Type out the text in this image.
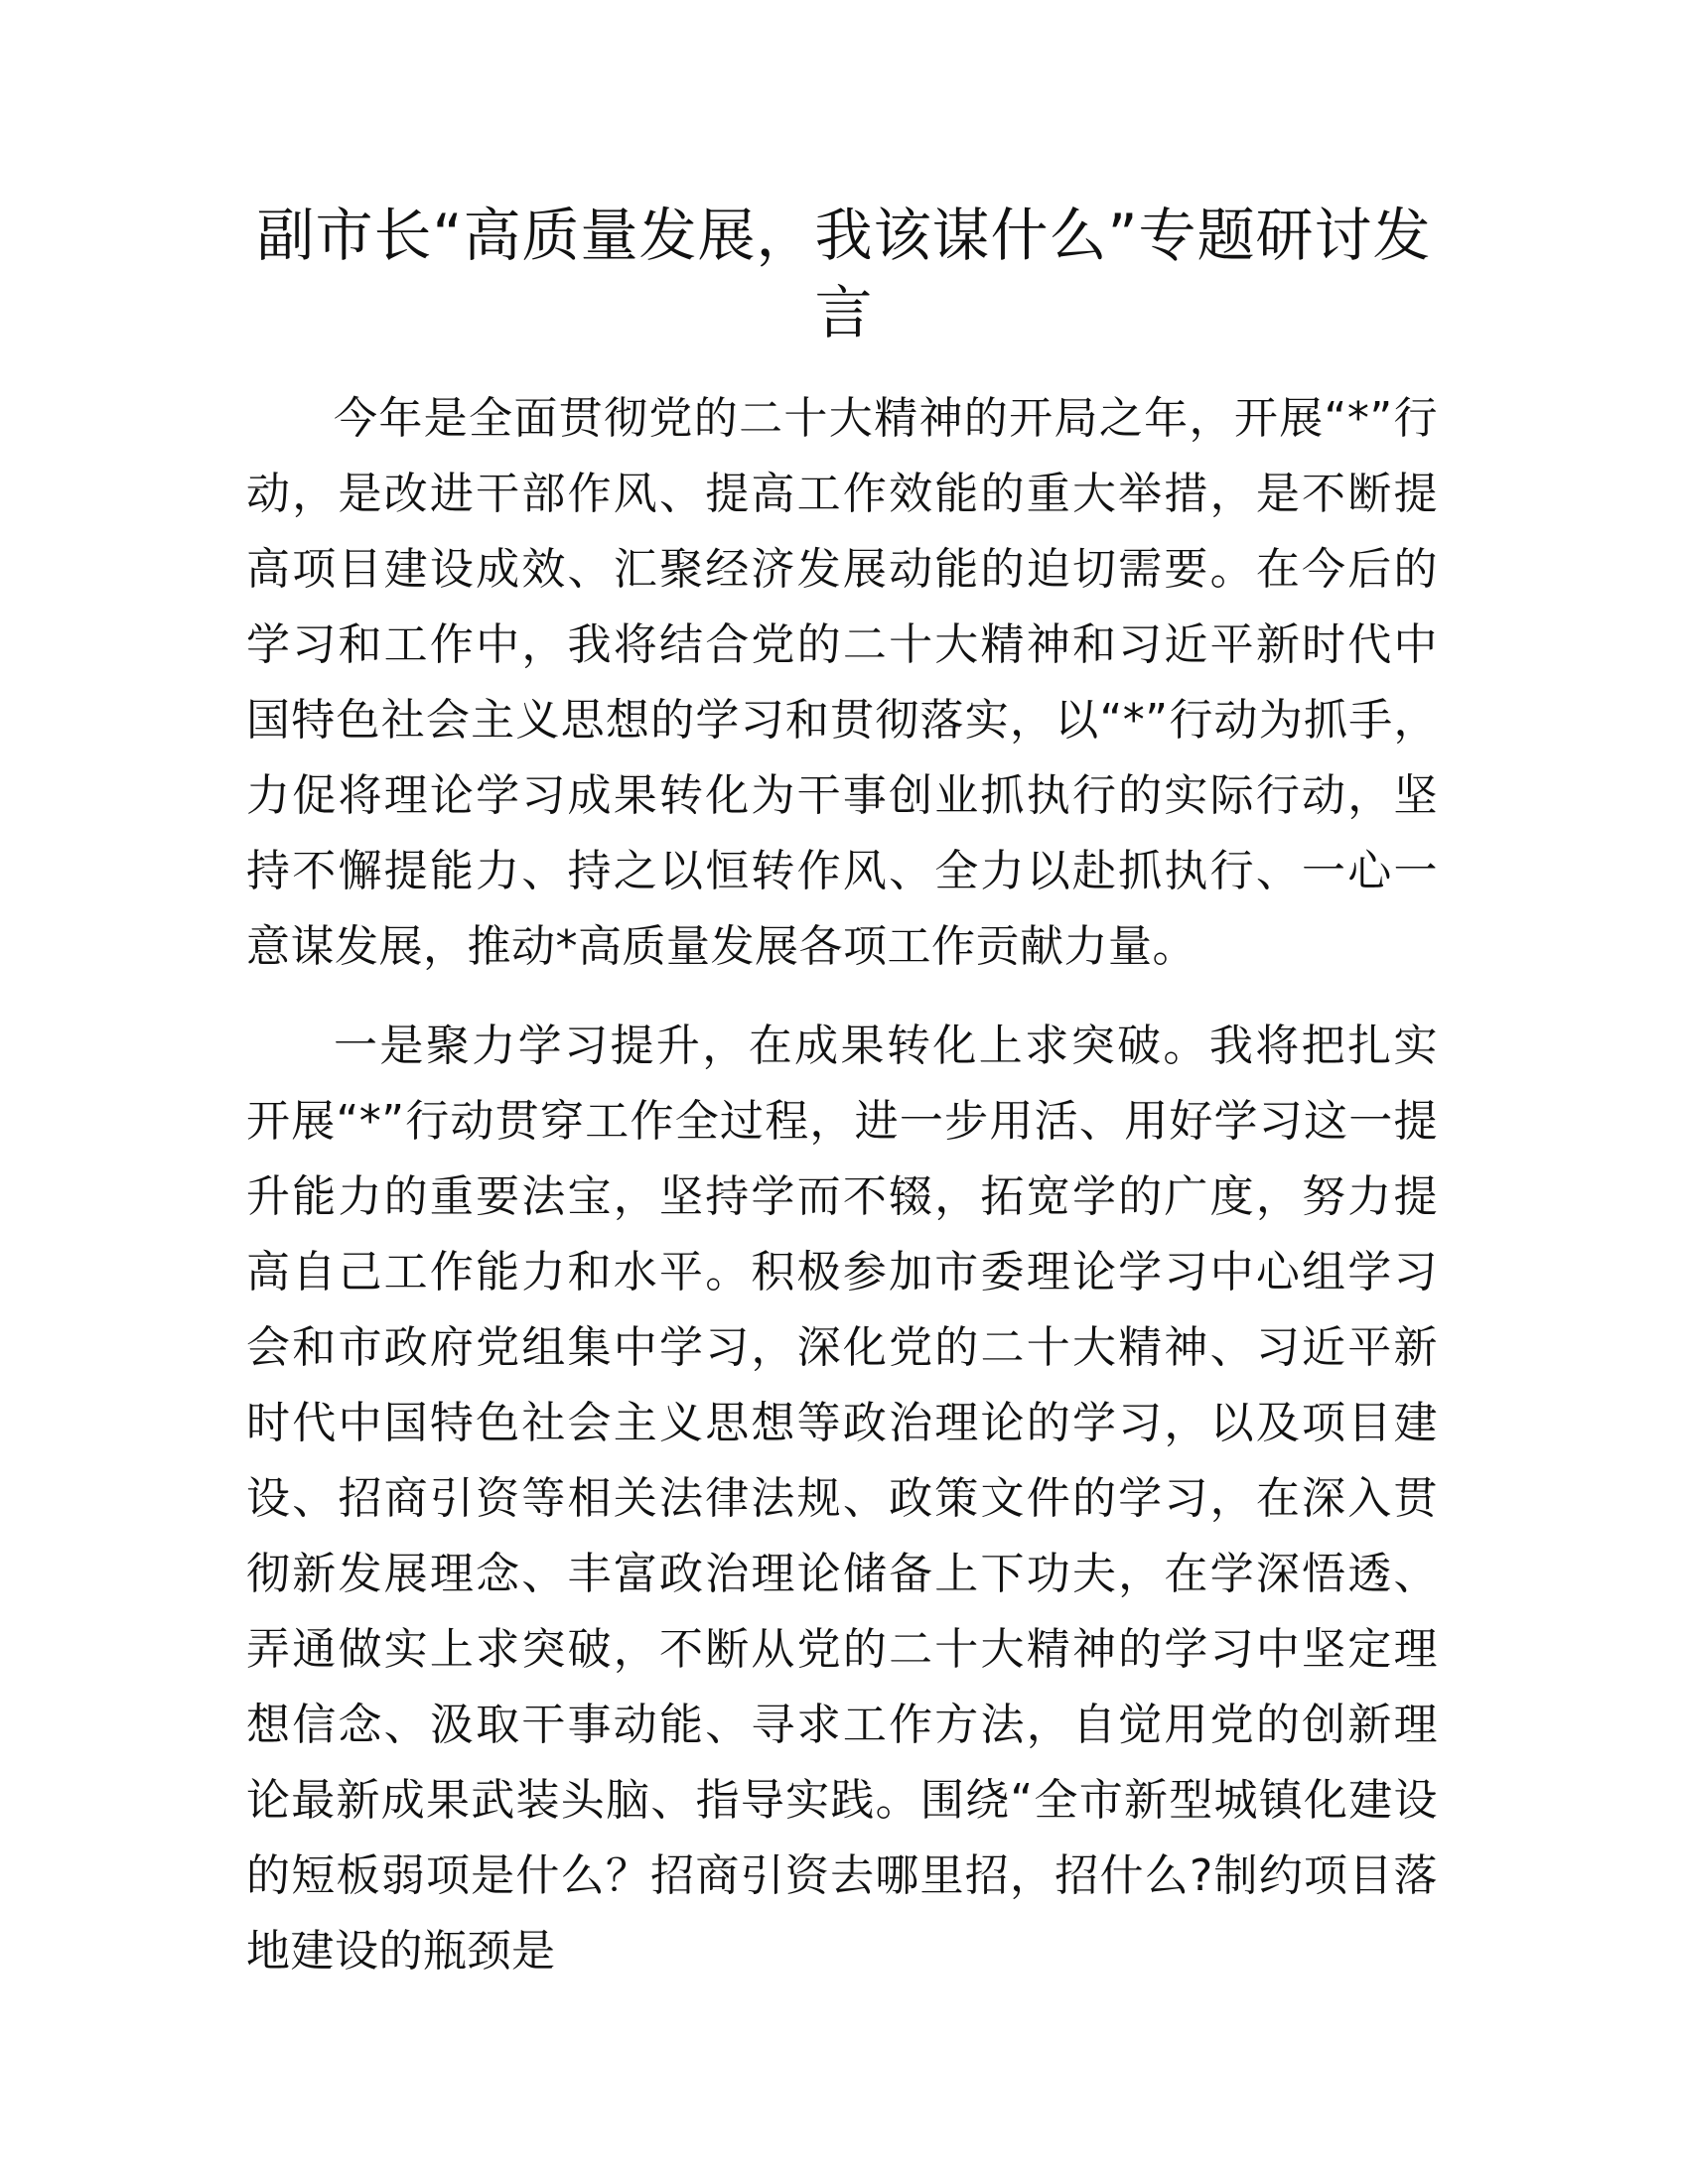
副市长“高质量发展，我该谋什么”专题研讨发言

今年是全面贯彻党的二十大精神的开局之年，开展“*”行动，是改进干部作风、提高工作效能的重大举措，是不断提高项目建设成效、汇聚经济发展动能的迫切需要。在今后的学习和工作中，我将结合党的二十大精神和习近平新时代中国特色社会主义思想的学习和贯彻落实，以“*”行动为抓手，力促将理论学习成果转化为干事创业抓执行的实际行动，坚持不懈提能力、持之以恒转作风、全力以赴抓执行、一心一意谋发展，推动*高质量发展各项工作贡献力量。

一是聚力学习提升，在成果转化上求突破。我将把扎实开展“*”行动贯穿工作全过程，进一步用活、用好学习这一提升能力的重要法宝，坚持学而不辍，拓宽学的广度，努力提高自己工作能力和水平。积极参加市委理论学习中心组学习会和市政府党组集中学习，深化党的二十大精神、习近平新时代中国特色社会主义思想等政治理论的学习，以及项目建设、招商引资等相关法律法规、政策文件的学习，在深入贯彻新发展理念、丰富政治理论储备上下功夫，在学深悟透、弄通做实上求突破，不断从党的二十大精神的学习中坚定理想信念、汲取干事动能、寻求工作方法，自觉用党的创新理论最新成果武装头脑、指导实践。围绕“全市新型城镇化建设的短板弱项是什么？招商引资去哪里招，招什么?制约项目落地建设的瓶颈是
